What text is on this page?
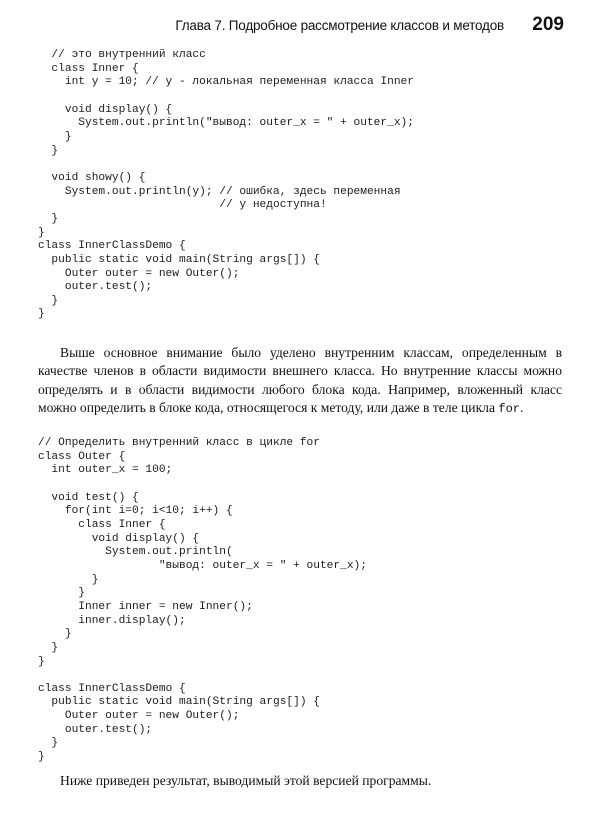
Глава 7. Подробное рассмотрение классов и методов 209
// это внутренний класс
class Inner {
int y = 10; // y - локальная переменная класса Inner

void display() {
System.out.println("вывод: outer_x = " + outer_x);
}
}

void showy() {
System.out.println(y); // ошибка, здесь переменная
// y недоступна!
}
}
class InnerClassDemo {
public static void main(String args[]) {
Outer outer = new Outer();
outer.test();
}
}

Выше основное внимание было уделено внутренним классам, определенным в качестве членов в области видимости внешнего класса. Но внутренние классы можно определять и в области видимости любого блока кода. Например, вложенный класс можно определить в блоке кода, относящегося к методу, или даже в теле цикла for.

// Определить внутренний класс в цикле for
class Outer {
int outer_x = 100;

void test() {
for(int i=0; i<10; i++) {
class Inner {
void display() {
System.out.println(
"вывод: outer_x = " + outer_x);
}
}
Inner inner = new Inner();
inner.display();
}
}
}

class InnerClassDemo {
public static void main(String args[]) {
Outer outer = new Outer();
outer.test();
}
}

Ниже приведен результат, выводимый этой версией программы.
